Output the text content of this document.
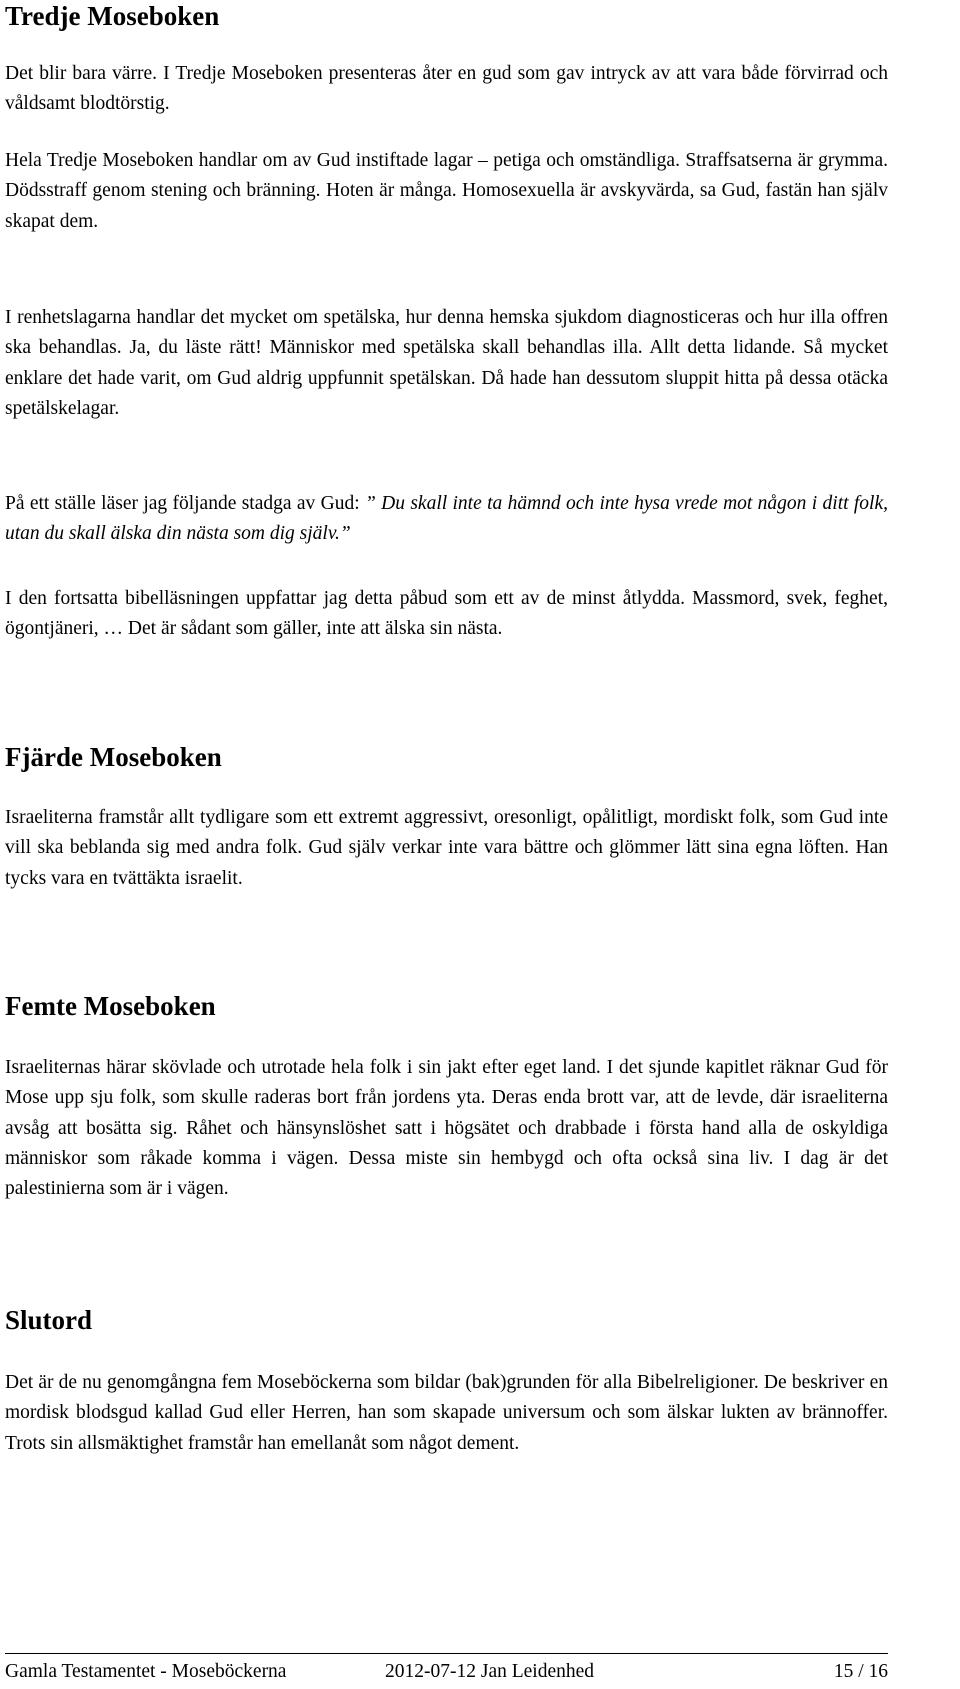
Tredje Moseboken

Det blir bara värre. I Tredje Moseboken presenteras åter en gud som gav intryck av att vara både förvirrad och våldsamt blodtörstig.

Hela Tredje Moseboken handlar om av Gud instiftade lagar – petiga och omständliga. Straffsatserna är grymma. Dödsstraff genom stening och bränning. Hoten är många. Homosexuella är avskyvärda, sa Gud, fastän han själv skapat dem.

I renhetslagarna handlar det mycket om spetälska, hur denna hemska sjukdom diagnosticeras och hur illa offren ska behandlas. Ja, du läste rätt! Människor med spetälska skall behandlas illa. Allt detta lidande. Så mycket enklare det hade varit, om Gud aldrig uppfunnit spetälskan. Då hade han dessutom sluppit hitta på dessa otäcka spetälskelagar.

På ett ställe läser jag följande stadga av Gud: ” Du skall inte ta hämnd och inte hysa vrede mot någon i ditt folk, utan du skall älska din nästa som dig själv.”

I den fortsatta bibelläsningen uppfattar jag detta påbud som ett av de minst åtlydda. Massmord, svek, feghet, ögontjäneri, … Det är sådant som gäller, inte att älska sin nästa.

Fjärde Moseboken

Israeliterna framstår allt tydligare som ett extremt aggressivt, oresonligt, opålitligt, mordiskt folk, som Gud inte vill ska beblanda sig med andra folk. Gud själv verkar inte vara bättre och glömmer lätt sina egna löften. Han tycks vara en tvättäkta israelit.

Femte Moseboken

Israeliternas härar skövlade och utrotade hela folk i sin jakt efter eget land. I det sjunde kapitlet räknar Gud för Mose upp sju folk, som skulle raderas bort från jordens yta. Deras enda brott var, att de levde, där israeliterna avsåg att bosätta sig. Råhet och hänsynslöshet satt i högsätet och drabbade i första hand alla de oskyldiga människor som råkade komma i vägen. Dessa miste sin hembygd och ofta också sina liv. I dag är det palestinierna som är i vägen.

Slutord

Det är de nu genomgångna fem Moseböckerna som bildar (bak)grunden för alla Bibelreligioner. De beskriver en mordisk blodsgud kallad Gud eller Herren, han som skapade universum och som älskar lukten av brännoffer. Trots sin allsmäktighet framstår han emellanåt som något dement.

Gamla Testamentet - Moseböckerna	2012-07-12 Jan Leidenhed	15 / 16
